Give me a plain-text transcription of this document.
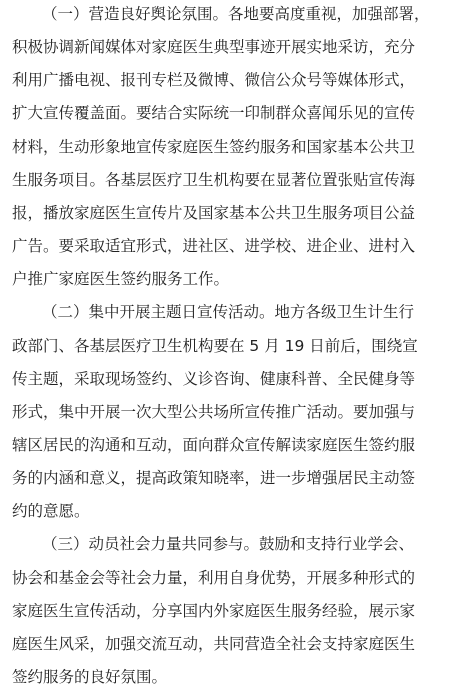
（一）营造良好舆论氛围。各地要高度重视，加强部署，
积极协调新闻媒体对家庭医生典型事迹开展实地采访，充分
利用广播电视、报刊专栏及微博、微信公众号等媒体形式，
扩大宣传覆盖面。要结合实际统一印制群众喜闻乐见的宣传
材料，生动形象地宣传家庭医生签约服务和国家基本公共卫
生服务项目。各基层医疗卫生机构要在显著位置张贴宣传海
报，播放家庭医生宣传片及国家基本公共卫生服务项目公益
广告。要采取适宜形式，进社区、进学校、进企业、进村入
户推广家庭医生签约服务工作。
（二）集中开展主题日宣传活动。地方各级卫生计生行
政部门、各基层医疗卫生机构要在 5 月 19 日前后，围绕宣
传主题，采取现场签约、义诊咨询、健康科普、全民健身等
形式，集中开展一次大型公共场所宣传推广活动。要加强与
辖区居民的沟通和互动，面向群众宣传解读家庭医生签约服
务的内涵和意义，提高政策知晓率，进一步增强居民主动签
约的意愿。
（三）动员社会力量共同参与。鼓励和支持行业学会、
协会和基金会等社会力量，利用自身优势，开展多种形式的
家庭医生宣传活动，分享国内外家庭医生服务经验，展示家
庭医生风采，加强交流互动，共同营造全社会支持家庭医生
签约服务的良好氛围。
